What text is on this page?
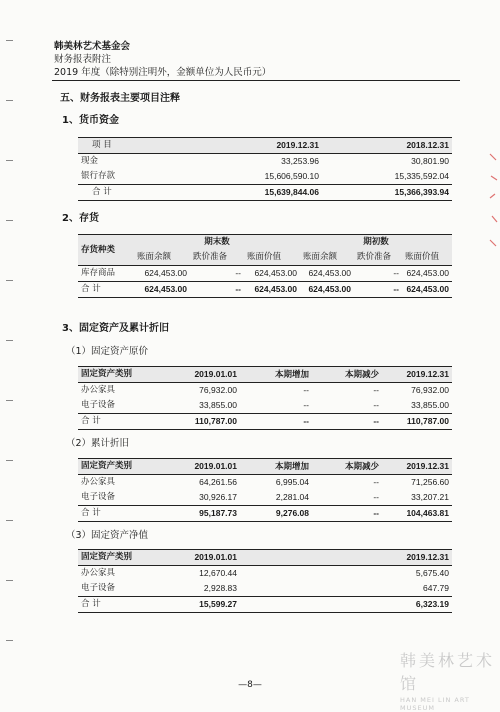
韩美林艺术基金会
财务报表附注
2019 年度（除特别注明外，金额单位为人民币元）
五、财务报表主要项目注释
1、货币资金
项 目	2019.12.31	2018.12.31
现金	33,253.96	30,801.90
银行存款	15,606,590.10	15,335,592.04
合 计	15,639,844.06	15,366,393.94
2、存货
存货种类	期末数			期初数		
	账面余额	跌价准备	账面价值	账面余额	跌价准备	账面价值
库存商品	624,453.00	--	624,453.00	624,453.00	--	624,453.00
合 计	624,453.00	--	624,453.00	624,453.00	--	624,453.00
3、固定资产及累计折旧
（1）固定资产原价
固定资产类别	2019.01.01	本期增加	本期减少	2019.12.31
办公家具	76,932.00	--	--	76,932.00
电子设备	33,855.00	--	--	33,855.00
合 计	110,787.00	--	--	110,787.00
（2）累计折旧
固定资产类别	2019.01.01	本期增加	本期减少	2019.12.31
办公家具	64,261.56	6,995.04	--	71,256.60
电子设备	30,926.17	2,281.04	--	33,207.21
合 计	95,187.73	9,276.08	--	104,463.81
（3）固定资产净值
固定资产类别	2019.01.01		2019.12.31
办公家具	12,670.44		5,675.40
电子设备	2,928.83		647.79
合 计	15,599.27		6,323.19
—8—
韩美林艺术馆
HAN MEI LIN ART MUSEUM
